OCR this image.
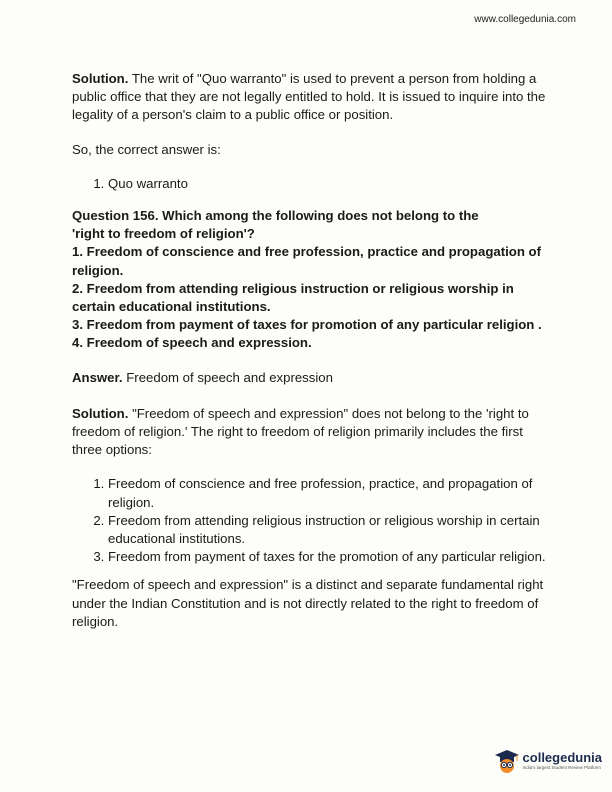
www.collegedunia.com

Solution. The writ of "Quo warranto" is used to prevent a person from holding a public office that they are not legally entitled to hold. It is issued to inquire into the legality of a person's claim to a public office or position.

So, the correct answer is:

1. Quo warranto

Question 156. Which among the following does not belong to the

'right to freedom of religion'?

1. Freedom of conscience and free profession, practice and propagation of religion.

2. Freedom from attending religious instruction or religious worship in certain educational institutions.

3. Freedom from payment of taxes for promotion of any particular religion .

4. Freedom of speech and expression.

Answer. Freedom of speech and expression

Solution. "Freedom of speech and expression" does not belong to the 'right to freedom of religion.' The right to freedom of religion primarily includes the first three options:

1. Freedom of conscience and free profession, practice, and propagation of religion.
2. Freedom from attending religious instruction or religious worship in certain educational institutions.
3. Freedom from payment of taxes for the promotion of any particular religion.

"Freedom of speech and expression" is a distinct and separate fundamental right under the Indian Constitution and is not directly related to the right to freedom of religion.

collegedunia
India's largest Student Review Platform
